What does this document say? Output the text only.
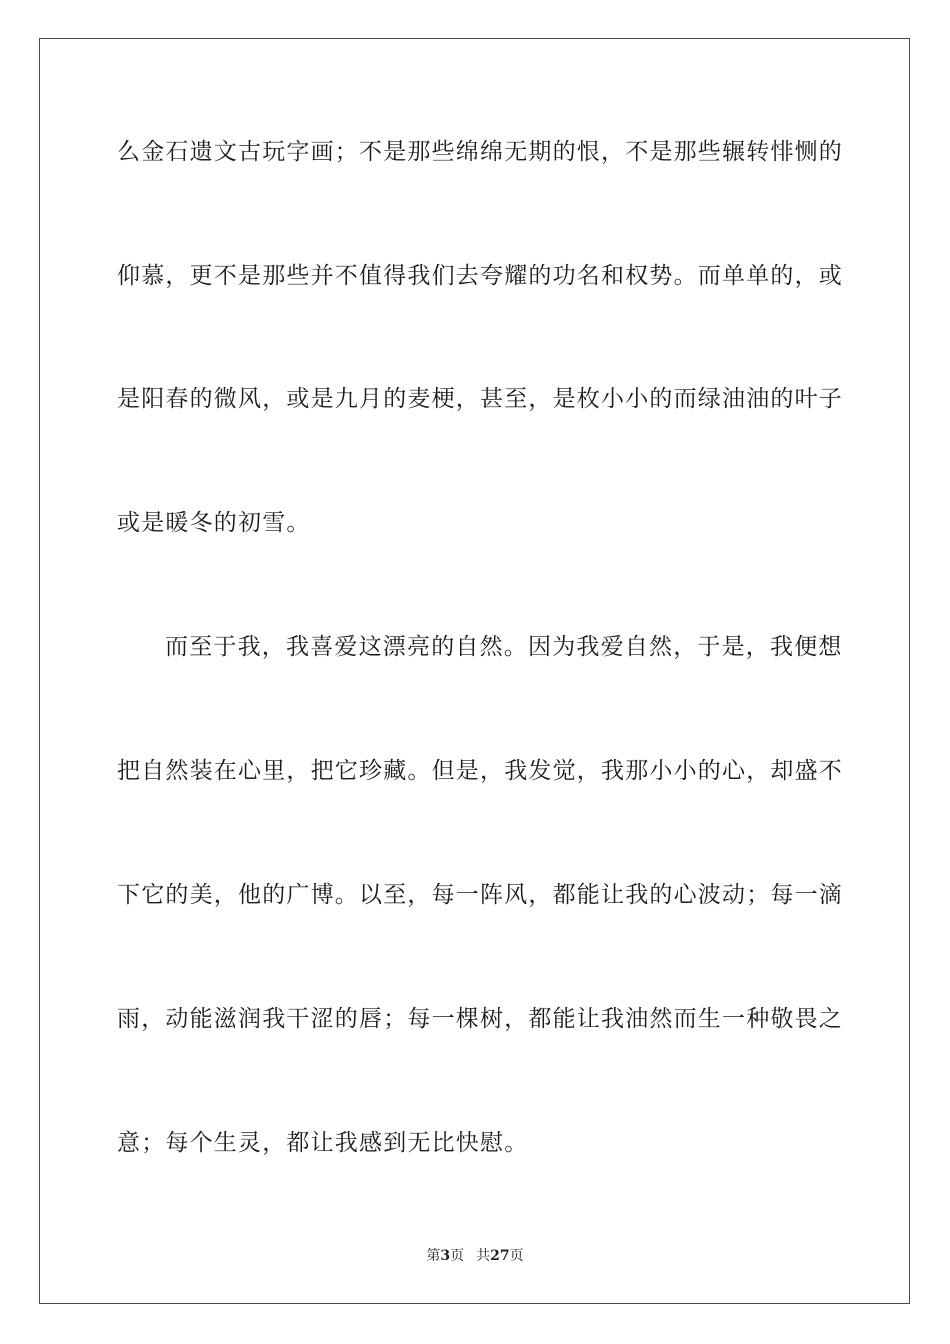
么金石遗文古玩字画；不是那些绵绵无期的恨，不是那些辗转悱恻的
仰慕，更不是那些并不值得我们去夸耀的功名和权势。而单单的，或
是阳春的微风，或是九月的麦梗，甚至，是枚小小的而绿油油的叶子
或是暖冬的初雪。
而至于我，我喜爱这漂亮的自然。因为我爱自然，于是，我便想
把自然装在心里，把它珍藏。但是，我发觉，我那小小的心，却盛不
下它的美，他的广博。以至，每一阵风，都能让我的心波动；每一滴
雨，动能滋润我干涩的唇；每一棵树，都能让我油然而生一种敬畏之
意；每个生灵，都让我感到无比快慰。
第3页 共27页
